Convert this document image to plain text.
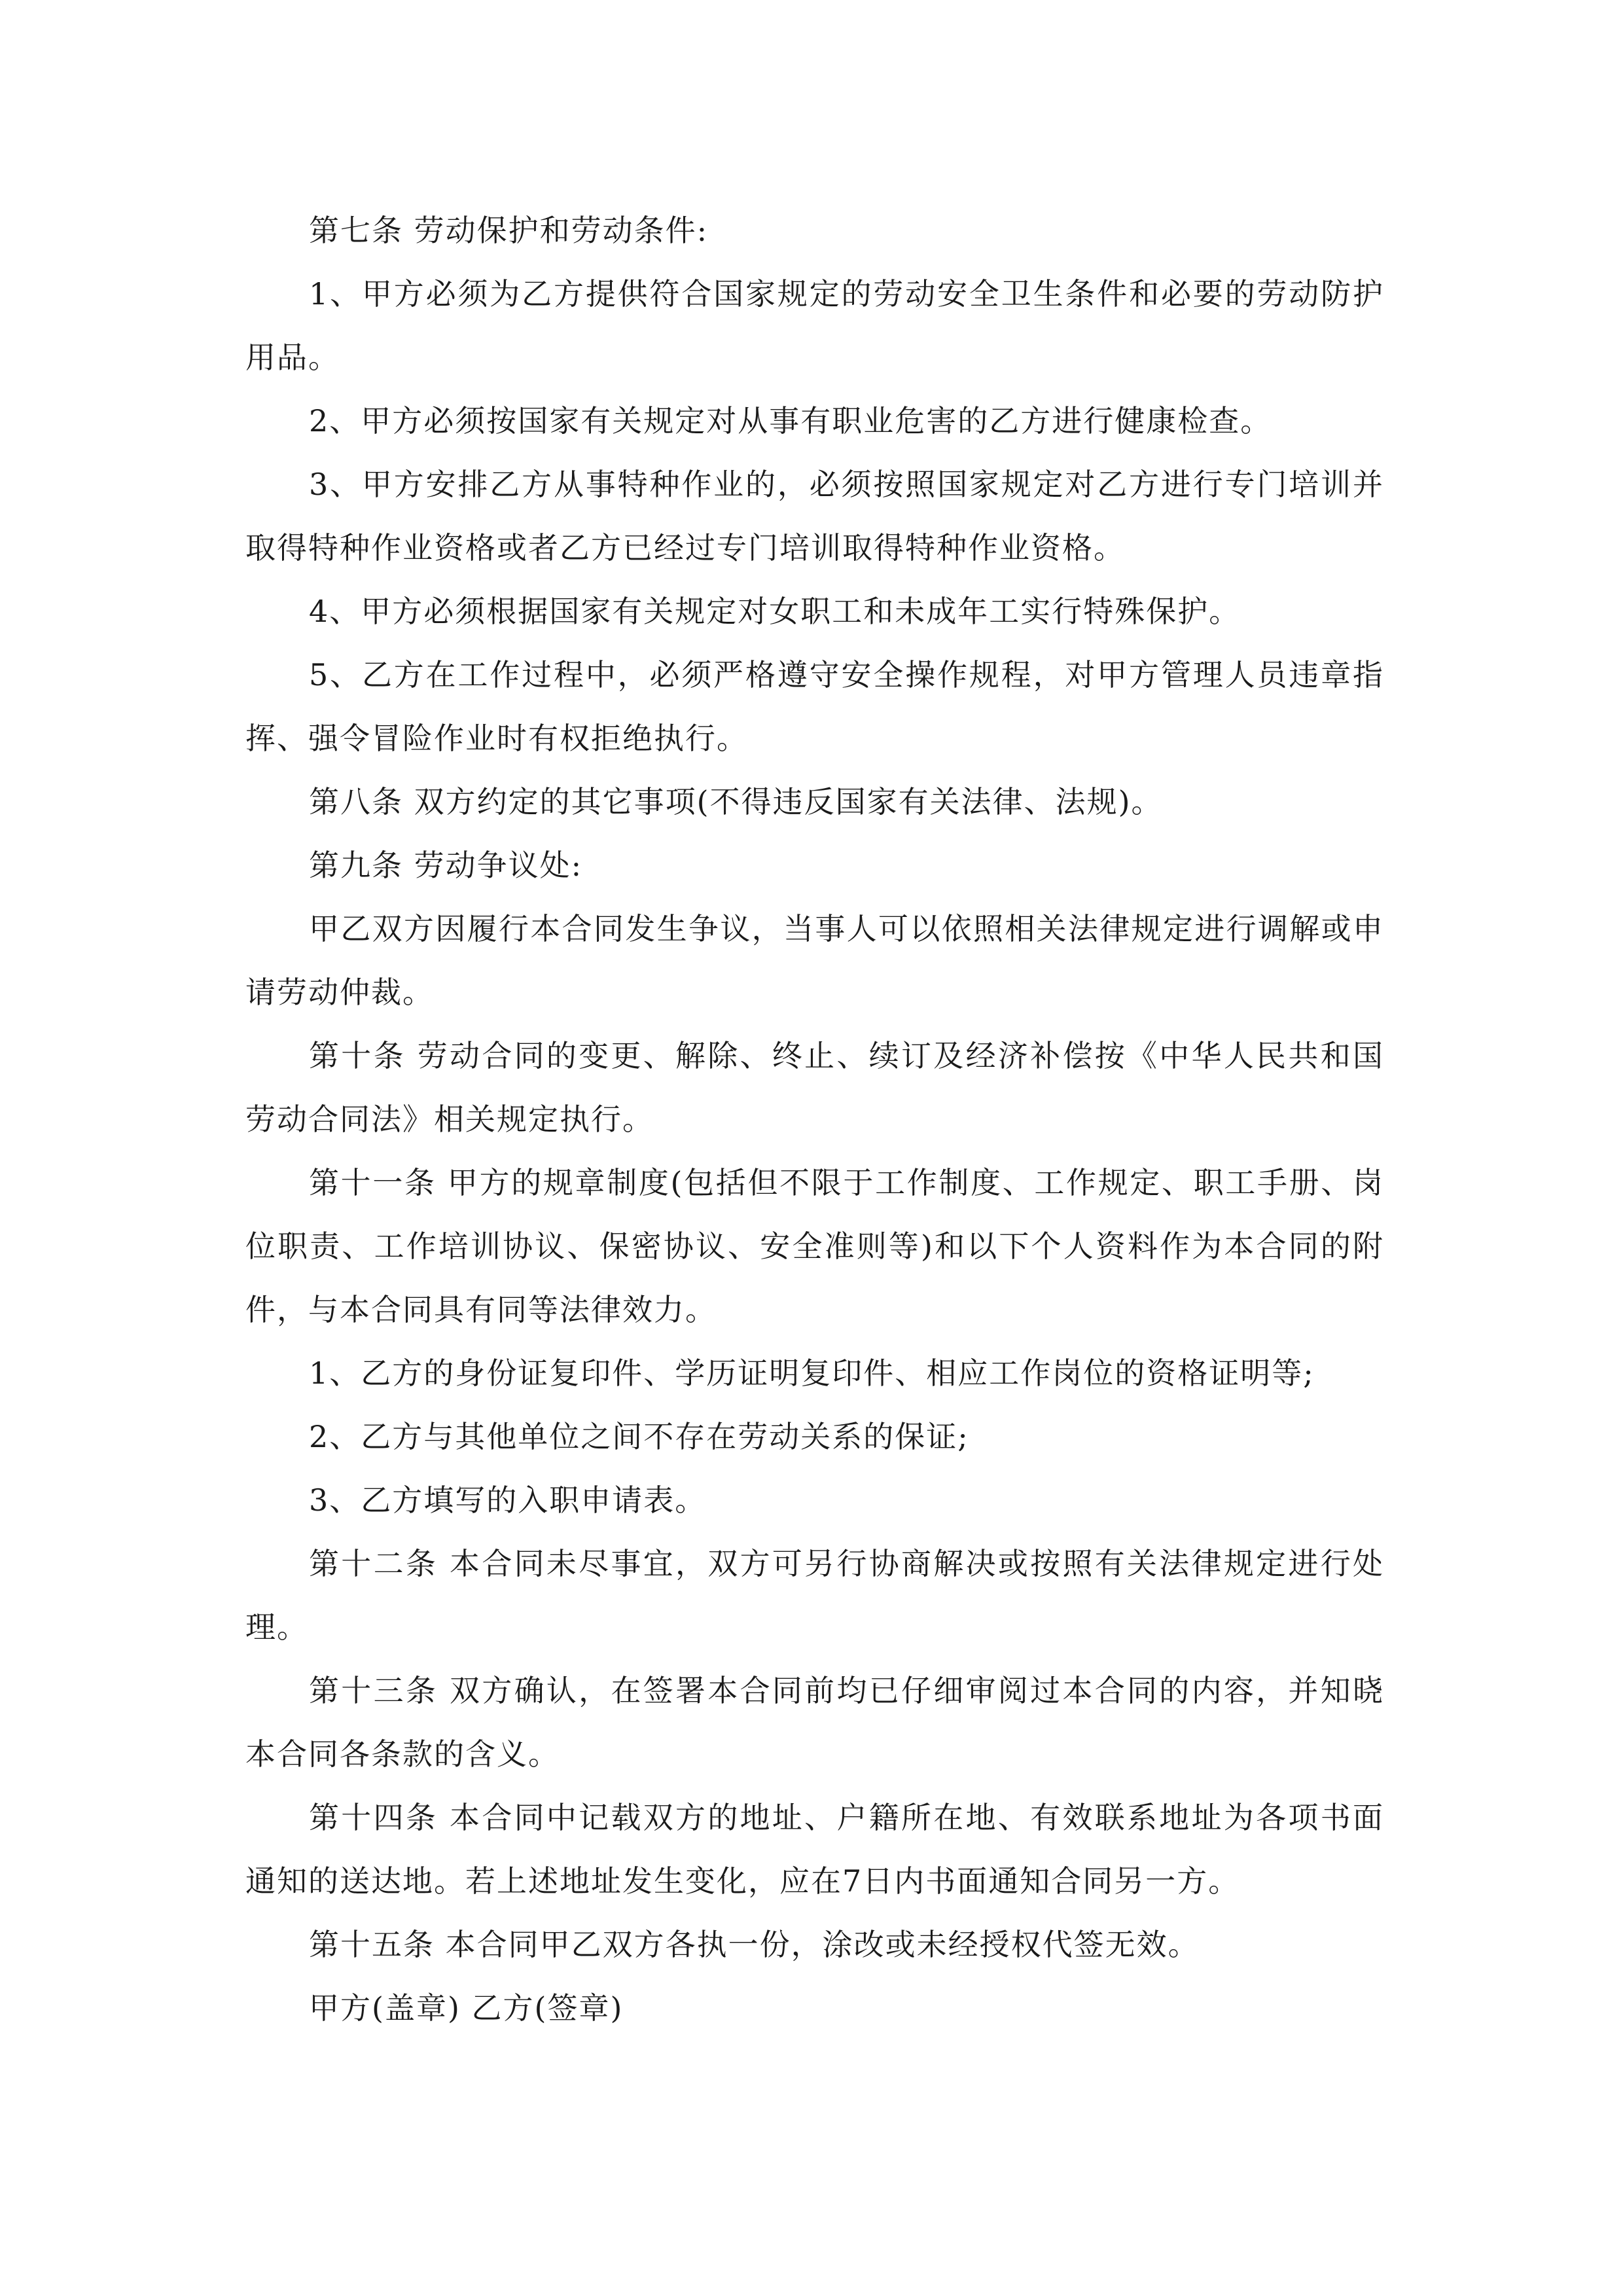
第七条 劳动保护和劳动条件:

1、甲方必须为乙方提供符合国家规定的劳动安全卫生条件和必要的劳动防护用品。

2、甲方必须按国家有关规定对从事有职业危害的乙方进行健康检查。

3、甲方安排乙方从事特种作业的，必须按照国家规定对乙方进行专门培训并取得特种作业资格或者乙方已经过专门培训取得特种作业资格。

4、甲方必须根据国家有关规定对女职工和未成年工实行特殊保护。

5、乙方在工作过程中，必须严格遵守安全操作规程，对甲方管理人员违章指挥、强令冒险作业时有权拒绝执行。

第八条 双方约定的其它事项(不得违反国家有关法律、法规)。

第九条 劳动争议处:

甲乙双方因履行本合同发生争议，当事人可以依照相关法律规定进行调解或申请劳动仲裁。

第十条 劳动合同的变更、解除、终止、续订及经济补偿按《中华人民共和国劳动合同法》相关规定执行。

第十一条 甲方的规章制度(包括但不限于工作制度、工作规定、职工手册、岗位职责、工作培训协议、保密协议、安全准则等)和以下个人资料作为本合同的附件，与本合同具有同等法律效力。

1、乙方的身份证复印件、学历证明复印件、相应工作岗位的资格证明等;

2、乙方与其他单位之间不存在劳动关系的保证;

3、乙方填写的入职申请表。

第十二条 本合同未尽事宜，双方可另行协商解决或按照有关法律规定进行处理。

第十三条 双方确认，在签署本合同前均已仔细审阅过本合同的内容，并知晓本合同各条款的含义。

第十四条 本合同中记载双方的地址、户籍所在地、有效联系地址为各项书面通知的送达地。若上述地址发生变化，应在7日内书面通知合同另一方。

第十五条 本合同甲乙双方各执一份，涂改或未经授权代签无效。

甲方(盖章) 乙方(签章)
